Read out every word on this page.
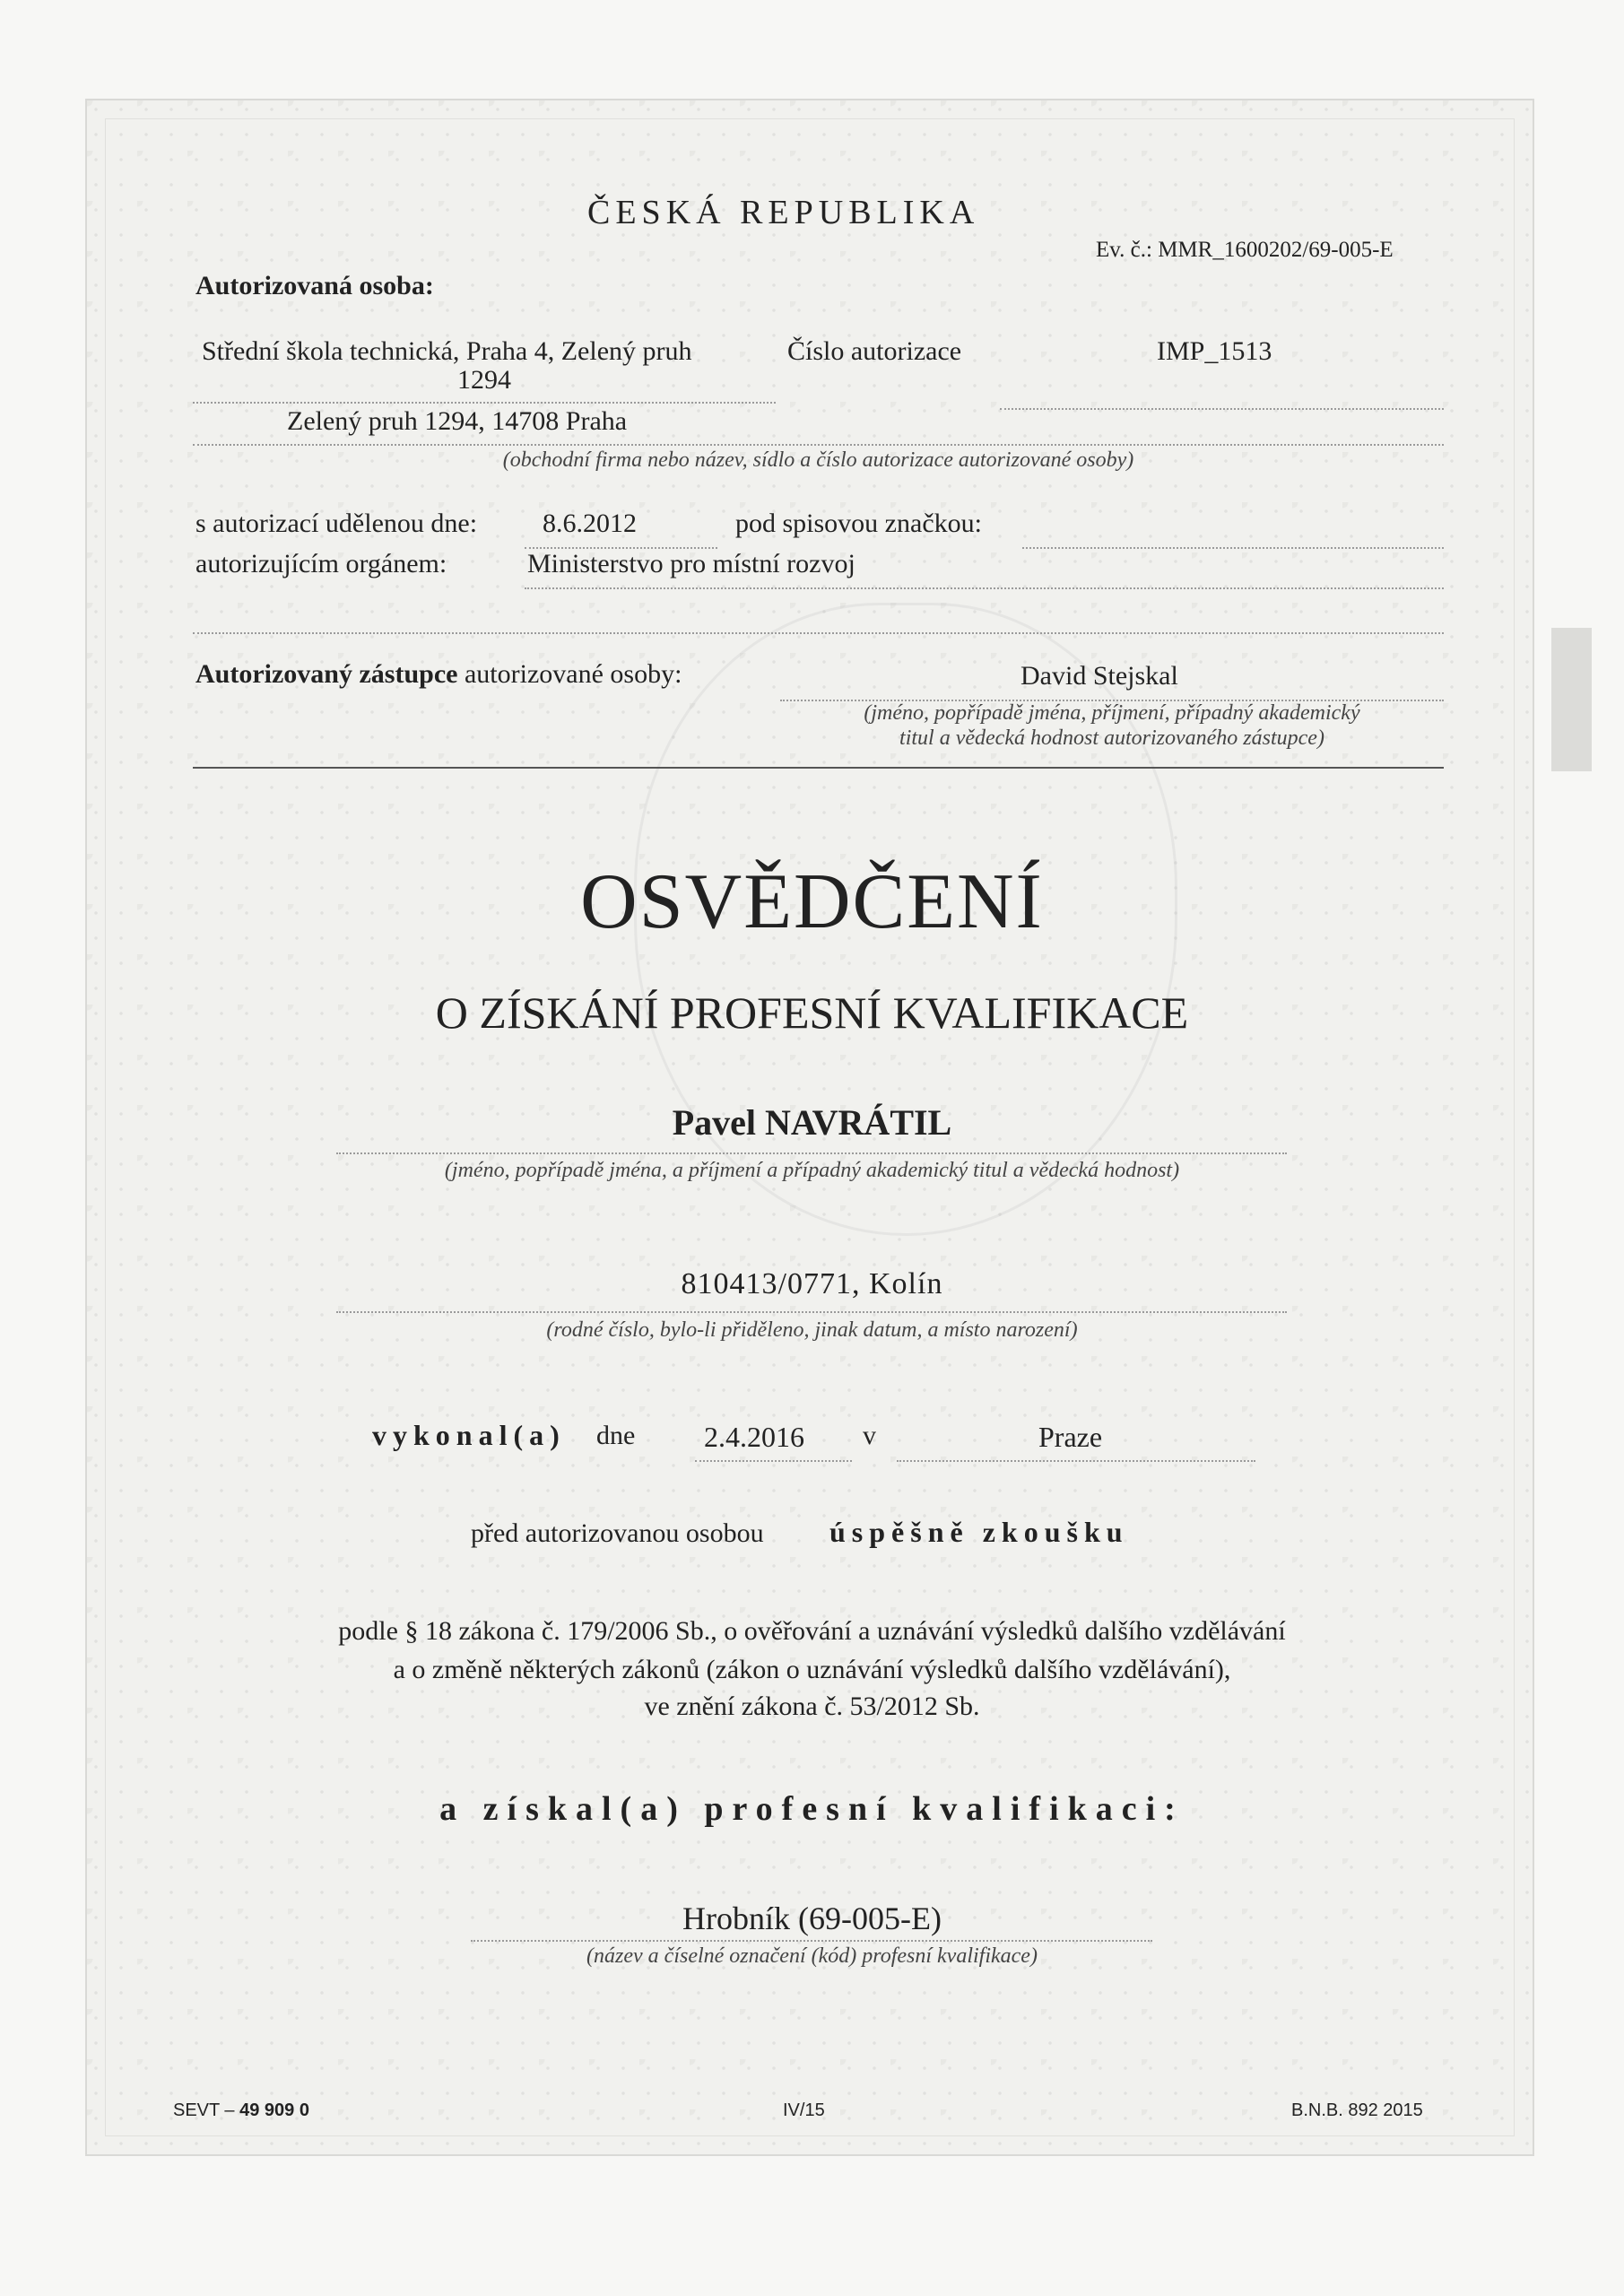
ČESKÁ REPUBLIKA
Ev. č.: MMR_1600202/69-005-E
Autorizovaná osoba:
Střední škola technická, Praha 4, Zelený pruh
1294
Číslo autorizace	IMP_1513
Zelený pruh 1294, 14708 Praha
(obchodní firma nebo název, sídlo a číslo autorizace autorizované osoby)
s autorizací udělenou dne: 8.6.2012	pod spisovou značkou:
autorizujícím orgánem:	Ministerstvo pro místní rozvoj
Autorizovaný zástupce autorizované osoby:	David Stejskal
(jméno, popřípadě jména, příjmení, případný akademický
titul a vědecká hodnost autorizovaného zástupce)
OSVĚDČENÍ
O ZÍSKÁNÍ PROFESNÍ KVALIFIKACE
Pavel NAVRÁTIL
(jméno, popřípadě jména, a příjmení a případný akademický titul a vědecká hodnost)
810413/0771, Kolín
(rodné číslo, bylo-li přiděleno, jinak datum, a místo narození)
vykonal(a) dne 2.4.2016 v	Praze
před autorizovanou osobou úspěšně zkoušku
podle § 18 zákona č. 179/2006 Sb., o ověřování a uznávání výsledků dalšího vzdělávání
a o změně některých zákonů (zákon o uznávání výsledků dalšího vzdělávání),
ve znění zákona č. 53/2012 Sb.
a získal(a) profesní kvalifikaci:
Hrobník (69-005-E)
(název a číselné označení (kód) profesní kvalifikace)
SEVT – 49 909 0	IV/15	B.N.B. 892 2015
